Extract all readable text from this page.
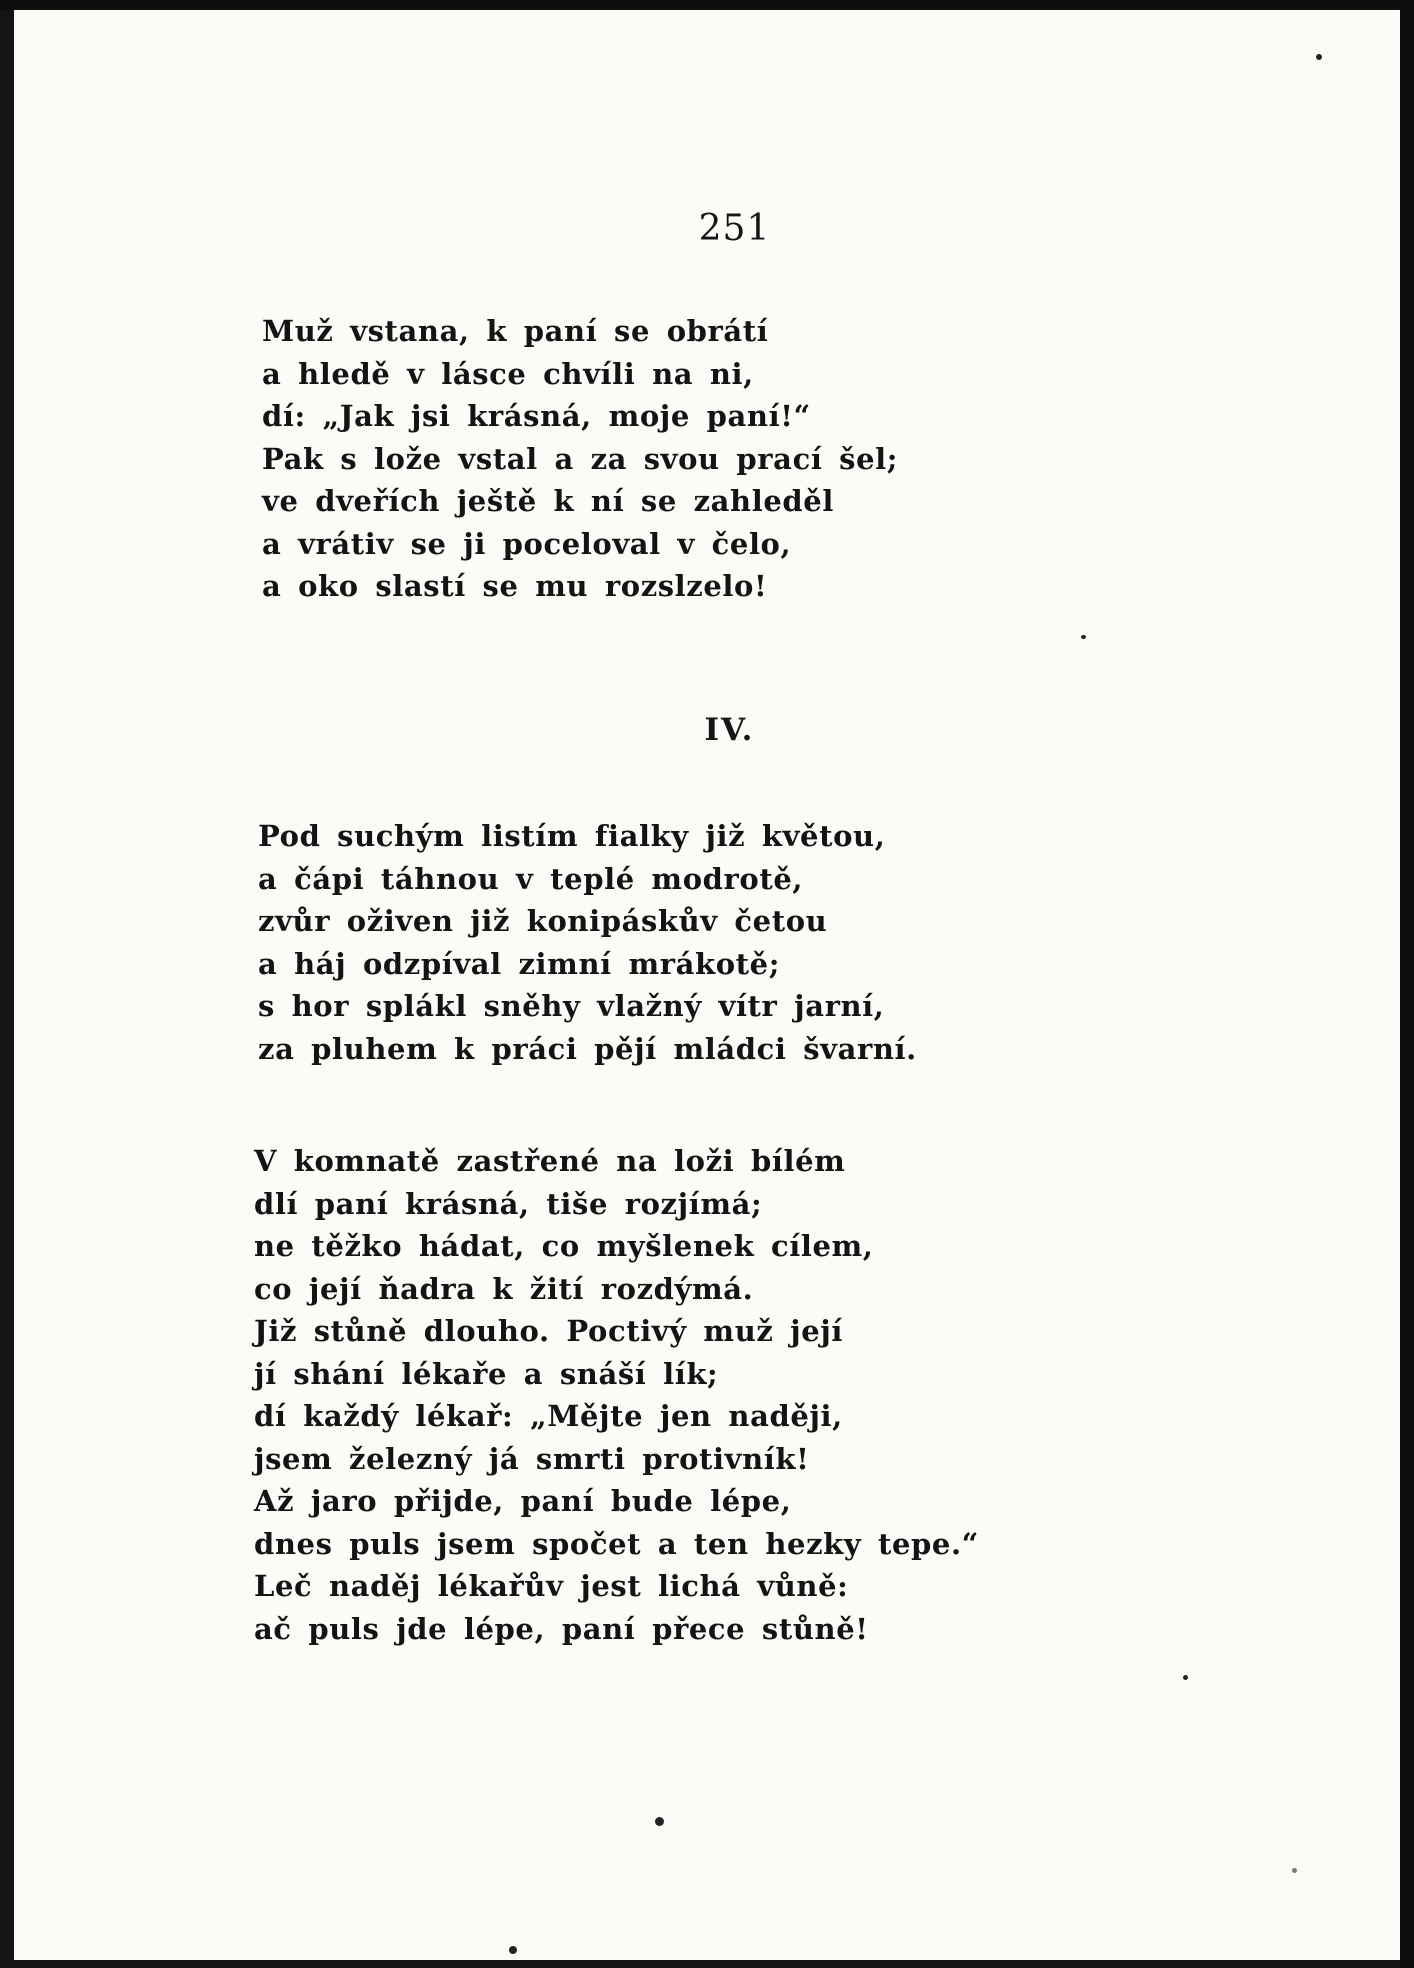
251
Muž vstana, k paní se obrátí
a hledě v lásce chvíli na ni,
dí: „Jak jsi krásná, moje paní!“
Pak s lože vstal a za svou prací šel;
ve dveřích ještě k ní se zahleděl
a vrátiv se ji poceloval v čelo,
a oko slastí se mu rozslzelo!
IV.
Pod suchým listím fialky již květou,
a čápi táhnou v teplé modrotě,
zvůr oživen již konipáskův četou
a háj odzpíval zimní mrákotě;
s hor splákl sněhy vlažný vítr jarní,
za pluhem k práci pějí mládci švarní.
V komnatě zastřené na loži bílém
dlí paní krásná, tiše rozjímá;
ne těžko hádat, co myšlenek cílem,
co její ňadra k žití rozdýmá.
Již stůně dlouho. Poctivý muž její
jí shání lékaře a snáší lík;
dí každý lékař: „Mějte jen naději,
jsem železný já smrti protivník!
Až jaro přijde, paní bude lépe,
dnes puls jsem spočet a ten hezky tepe.“
Leč naděj lékařův jest lichá vůně:
ač puls jde lépe, paní přece stůně!
